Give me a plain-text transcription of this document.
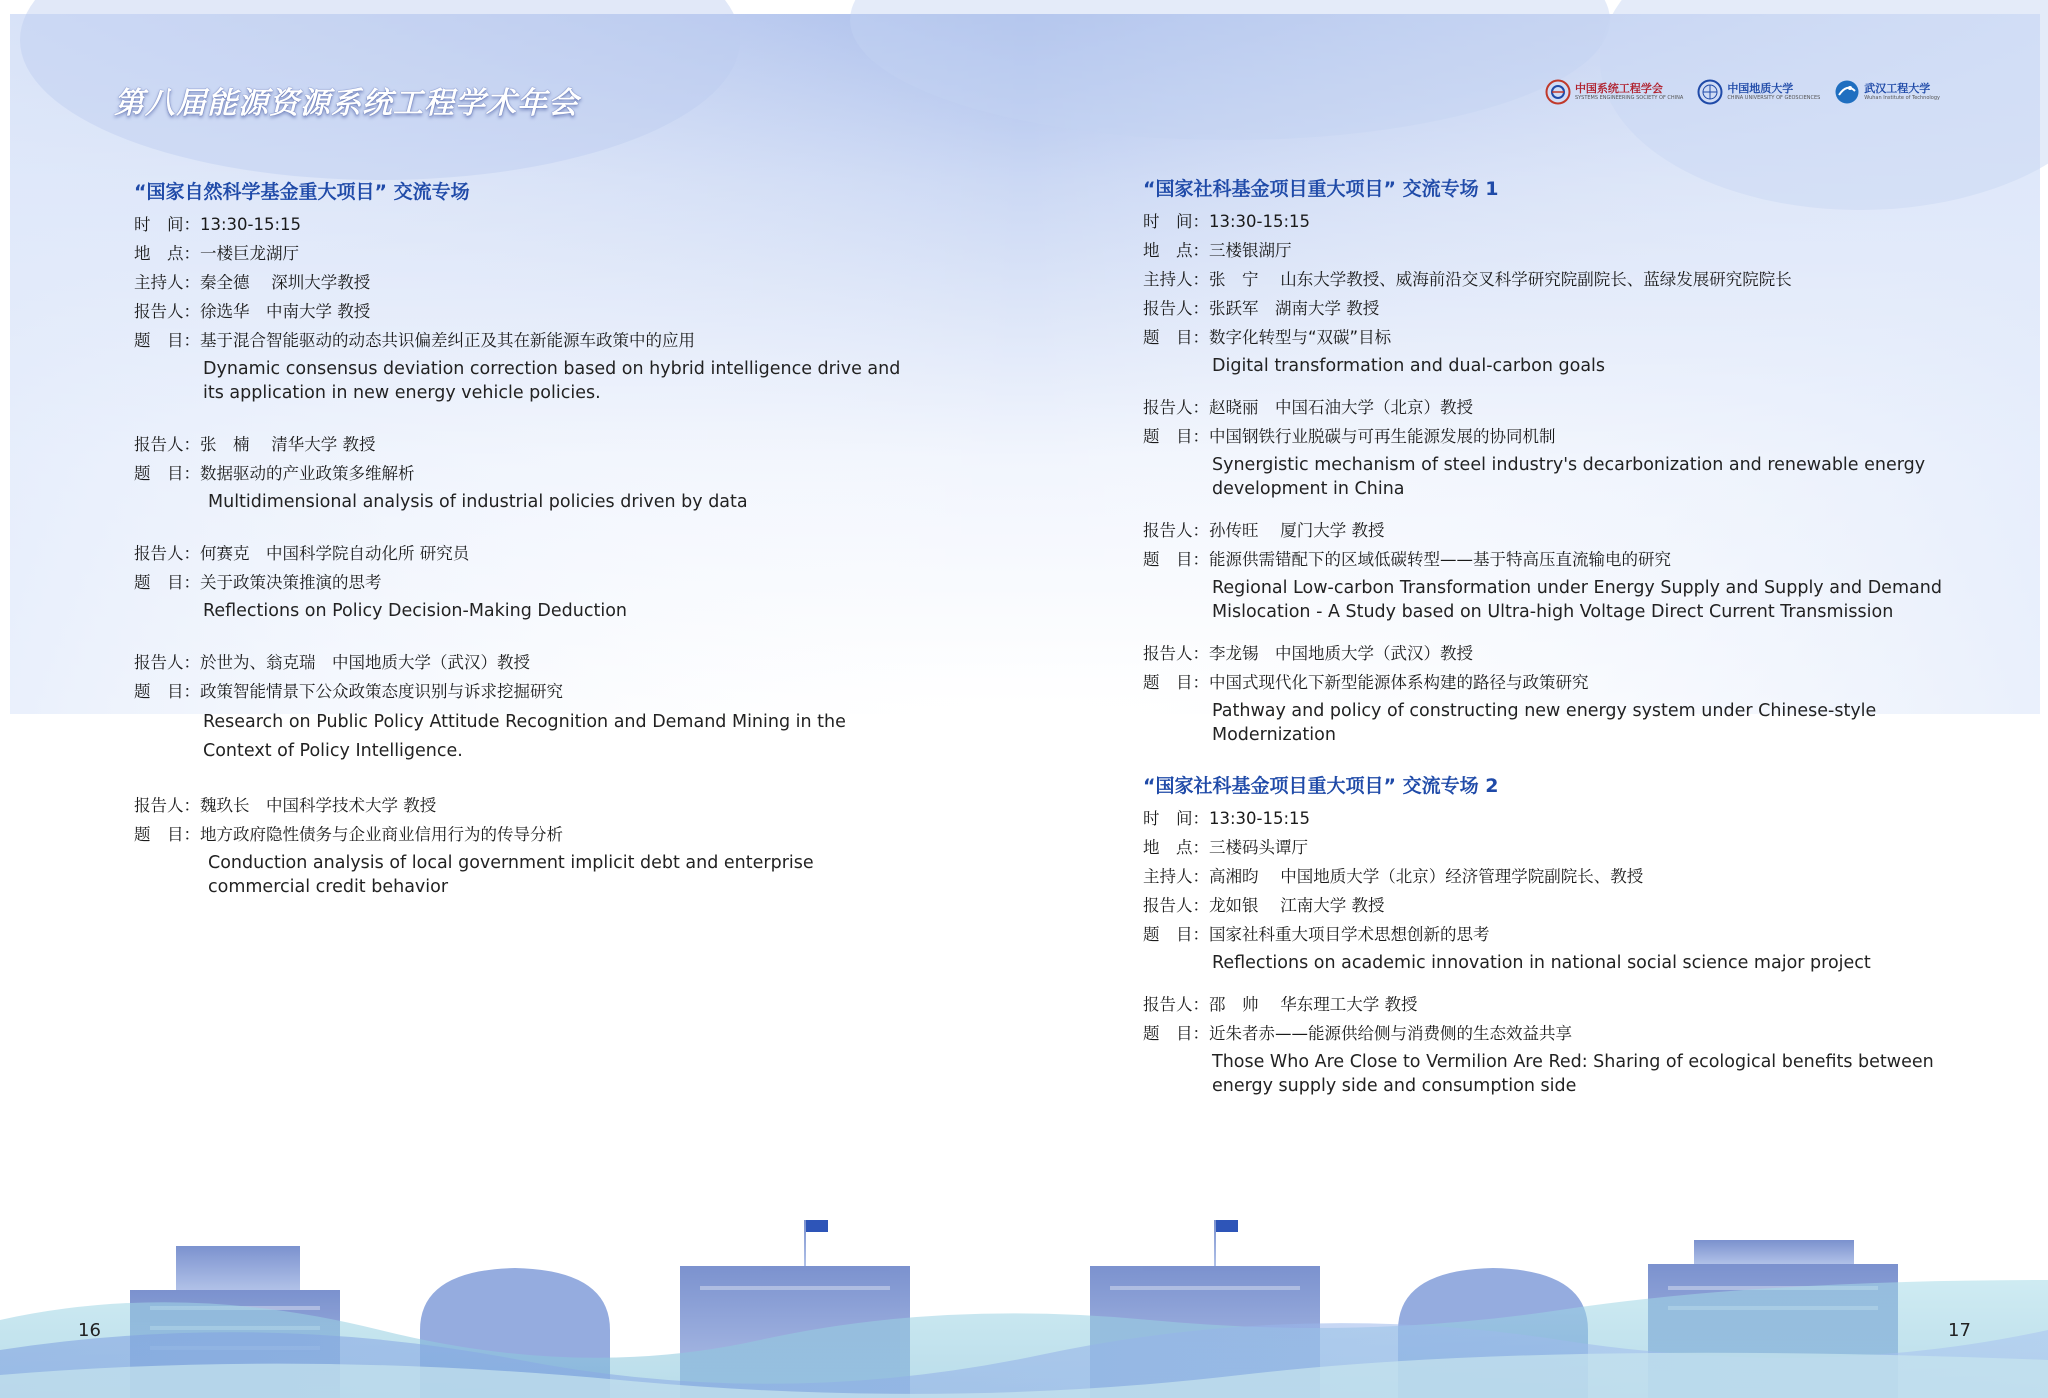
第八届能源资源系统工程学术年会	中国系统工程学会
SYSTEMS ENGINEERING SOCIETY OF CHINA
中国地质大学
CHINA UNIVERSITY OF GEOSCIENCES
武汉工程大学
Wuhan Institute of Technology
“国家自然科学基金重大项目” 交流专场
时　间： 13:30-15:15
地　点： 一楼巨龙湖厅
主持人： 秦全德　 深圳大学教授
报告人： 徐选华　中南大学 教授
题　目： 基于混合智能驱动的动态共识偏差纠正及其在新能源车政策中的应用
Dynamic consensus deviation correction based on hybrid intelligence drive and its application in new energy vehicle policies.
报告人： 张　楠　 清华大学 教授
题　目： 数据驱动的产业政策多维解析
Multidimensional analysis of industrial policies driven by data
报告人： 何赛克　中国科学院自动化所 研究员
题　目： 关于政策决策推演的思考
Reflections on Policy Decision-Making Deduction
报告人： 於世为、翁克瑞　中国地质大学（武汉）教授
题　目： 政策智能情景下公众政策态度识别与诉求挖掘研究
Research on Public Policy Attitude Recognition and Demand Mining in the Context of Policy Intelligence.
报告人： 魏玖长　中国科学技术大学 教授
题　目： 地方政府隐性债务与企业商业信用行为的传导分析
Conduction analysis of local government implicit debt and enterprise commercial credit behavior
“国家社科基金项目重大项目” 交流专场 1
时　间： 13:30-15:15
地　点： 三楼银湖厅
主持人： 张　宁　 山东大学教授、威海前沿交叉科学研究院副院长、蓝绿发展研究院院长
报告人： 张跃军　湖南大学 教授
题　目： 数字化转型与“双碳”目标
Digital transformation and dual-carbon goals
报告人： 赵晓丽　中国石油大学（北京）教授
题　目： 中国钢铁行业脱碳与可再生能源发展的协同机制
Synergistic mechanism of steel industry's decarbonization and renewable energy development in China
报告人： 孙传旺　 厦门大学 教授
题　目： 能源供需错配下的区域低碳转型——基于特高压直流输电的研究
Regional Low-carbon Transformation under Energy Supply and Supply and Demand Mislocation - A Study based on Ultra-high Voltage Direct Current Transmission
报告人： 李龙锡　中国地质大学（武汉）教授
题　目： 中国式现代化下新型能源体系构建的路径与政策研究
Pathway and policy of constructing new energy system under Chinese-style Modernization
“国家社科基金项目重大项目” 交流专场 2
时　间： 13:30-15:15
地　点： 三楼码头谭厅
主持人： 高湘昀　 中国地质大学（北京）经济管理学院副院长、教授
报告人： 龙如银　 江南大学 教授
题　目： 国家社科重大项目学术思想创新的思考
Reflections on academic innovation in national social science major project
报告人： 邵　帅　 华东理工大学 教授
题　目： 近朱者赤——能源供给侧与消费侧的生态效益共享
Those Who Are Close to Vermilion Are Red: Sharing of ecological benefits between energy supply side and consumption side
16	17
